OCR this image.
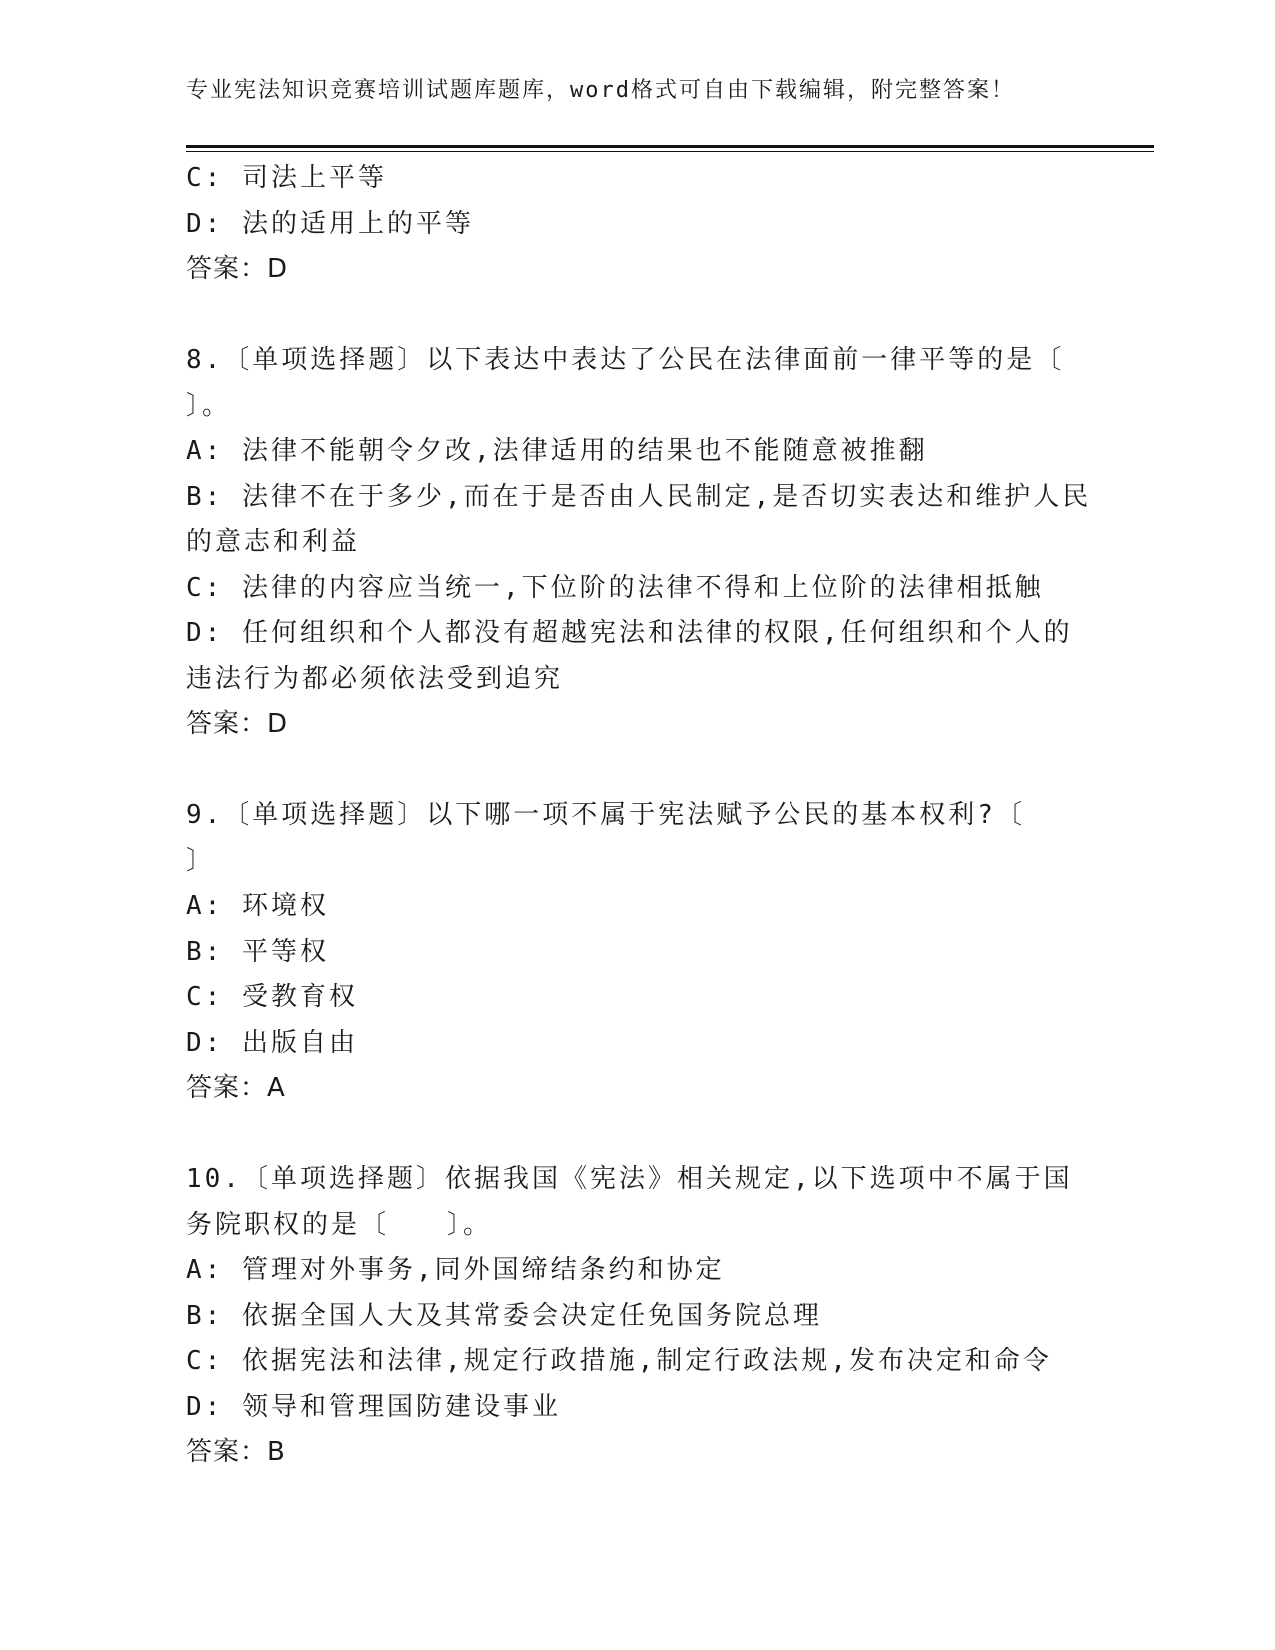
专业宪法知识竞赛培训试题库题库，word格式可自由下载编辑，附完整答案！
C: 司法上平等
D: 法的适用上的平等
答案：D
8.〔单项选择题〕以下表达中表达了公民在法律面前一律平等的是〔
〕。
A: 法律不能朝令夕改,法律适用的结果也不能随意被推翻
B: 法律不在于多少,而在于是否由人民制定,是否切实表达和维护人民
的意志和利益
C: 法律的内容应当统一,下位阶的法律不得和上位阶的法律相抵触
D: 任何组织和个人都没有超越宪法和法律的权限,任何组织和个人的
违法行为都必须依法受到追究
答案：D
9.〔单项选择题〕以下哪一项不属于宪法赋予公民的基本权利?〔
〕
A: 环境权
B: 平等权
C: 受教育权
D: 出版自由
答案：A
10.〔单项选择题〕依据我国《宪法》相关规定,以下选项中不属于国
务院职权的是〔　　〕。
A: 管理对外事务,同外国缔结条约和协定
B: 依据全国人大及其常委会决定任免国务院总理
C: 依据宪法和法律,规定行政措施,制定行政法规,发布决定和命令
D: 领导和管理国防建设事业
答案：B
